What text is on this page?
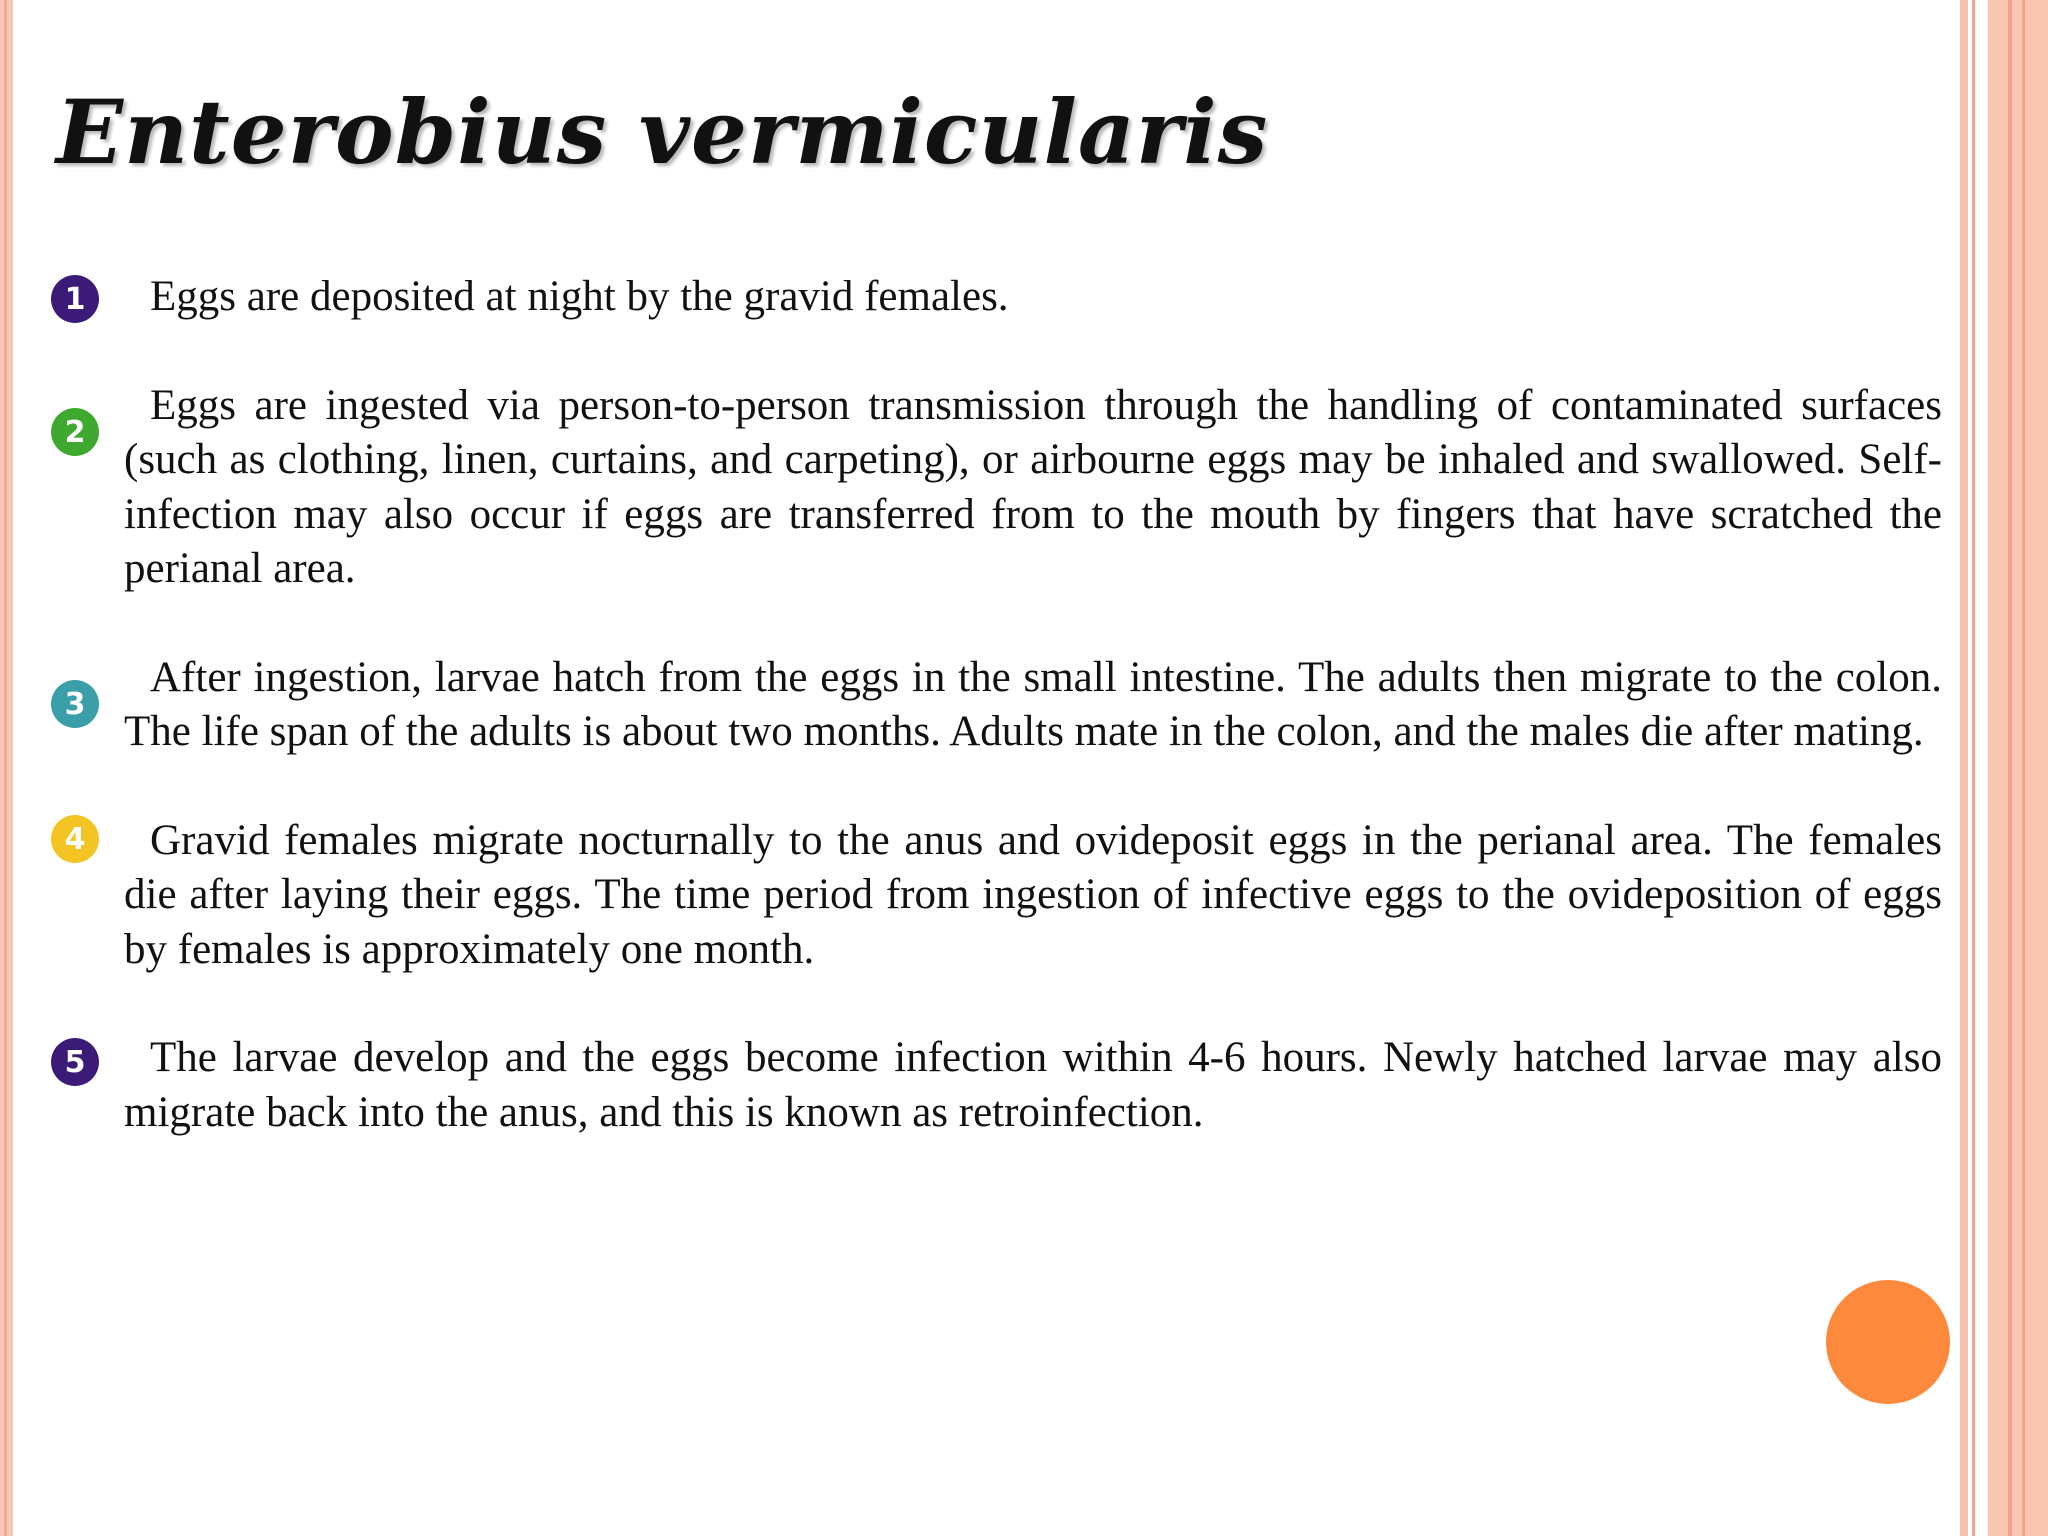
Enterobius vermicularis
1	Eggs are deposited at night by the gravid females.
2
Eggs are ingested via person-to-person transmission through the handling of contaminated surfaces (such as clothing, linen, curtains, and carpeting), or airbourne eggs may be inhaled and swallowed. Self-infection may also occur if eggs are transferred from to the mouth by fingers that have scratched the perianal area.
3
After ingestion, larvae hatch from the eggs in the small intestine. The adults then migrate to the colon. The life span of the adults is about two months. Adults mate in the colon, and the males die after mating.
4	Gravid females migrate nocturnally to the anus and ovideposit eggs in the perianal area. The females die after laying their eggs. The time period from ingestion of infective eggs to the ovideposition of eggs by females is approximately one month.
5	The larvae develop and the eggs become infection within 4-6 hours. Newly hatched larvae may also migrate back into the anus, and this is known as retroinfection.
